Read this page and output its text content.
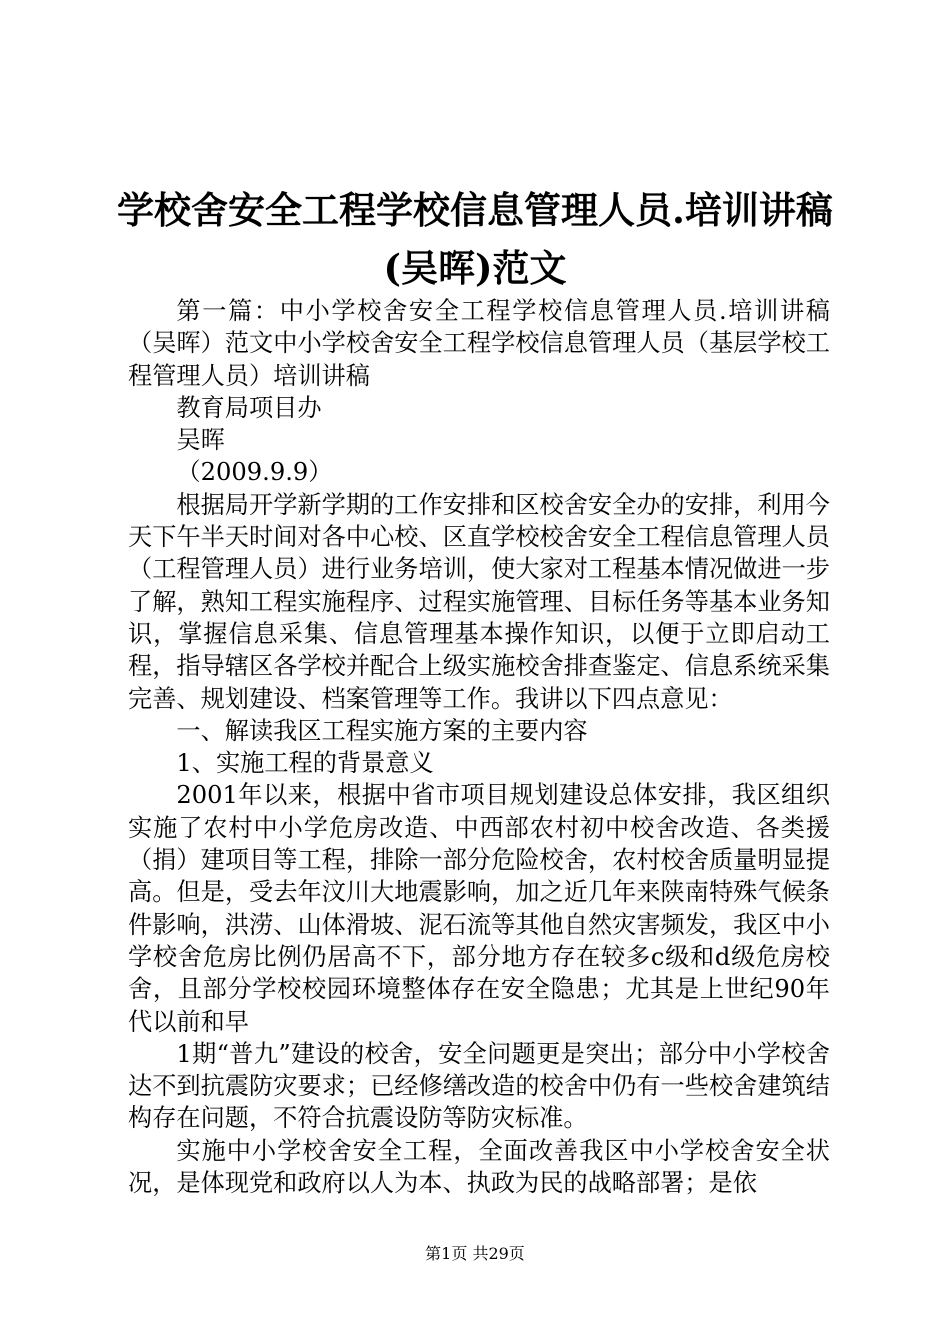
学校舍安全工程学校信息管理人员.培训讲稿
(吴晖)范文

第一篇：中小学校舍安全工程学校信息管理人员.培训讲稿（吴晖）范文中小学校舍安全工程学校信息管理人员（基层学校工程管理人员）培训讲稿

教育局项目办

吴晖

（2009.9.9）

根据局开学新学期的工作安排和区校舍安全办的安排，利用今天下午半天时间对各中心校、区直学校校舍安全工程信息管理人员（工程管理人员）进行业务培训，使大家对工程基本情况做进一步了解，熟知工程实施程序、过程实施管理、目标任务等基本业务知识，掌握信息采集、信息管理基本操作知识，以便于立即启动工程，指导辖区各学校并配合上级实施校舍排查鉴定、信息系统采集完善、规划建设、档案管理等工作。我讲以下四点意见：

一、解读我区工程实施方案的主要内容

1、实施工程的背景意义

2001年以来，根据中省市项目规划建设总体安排，我区组织实施了农村中小学危房改造、中西部农村初中校舍改造、各类援（捐）建项目等工程，排除一部分危险校舍，农村校舍质量明显提高。但是，受去年汶川大地震影响，加之近几年来陕南特殊气候条件影响，洪涝、山体滑坡、泥石流等其他自然灾害频发，我区中小学校舍危房比例仍居高不下，部分地方存在较多c级和d级危房校舍，且部分学校校园环境整体存在安全隐患；尤其是上世纪90年代以前和早

1期“普九”建设的校舍，安全问题更是突出；部分中小学校舍达不到抗震防灾要求；已经修缮改造的校舍中仍有一些校舍建筑结构存在问题，不符合抗震设防等防灾标准。

实施中小学校舍安全工程，全面改善我区中小学校舍安全状况，是体现党和政府以人为本、执政为民的战略部署；是依

第1页 共29页
